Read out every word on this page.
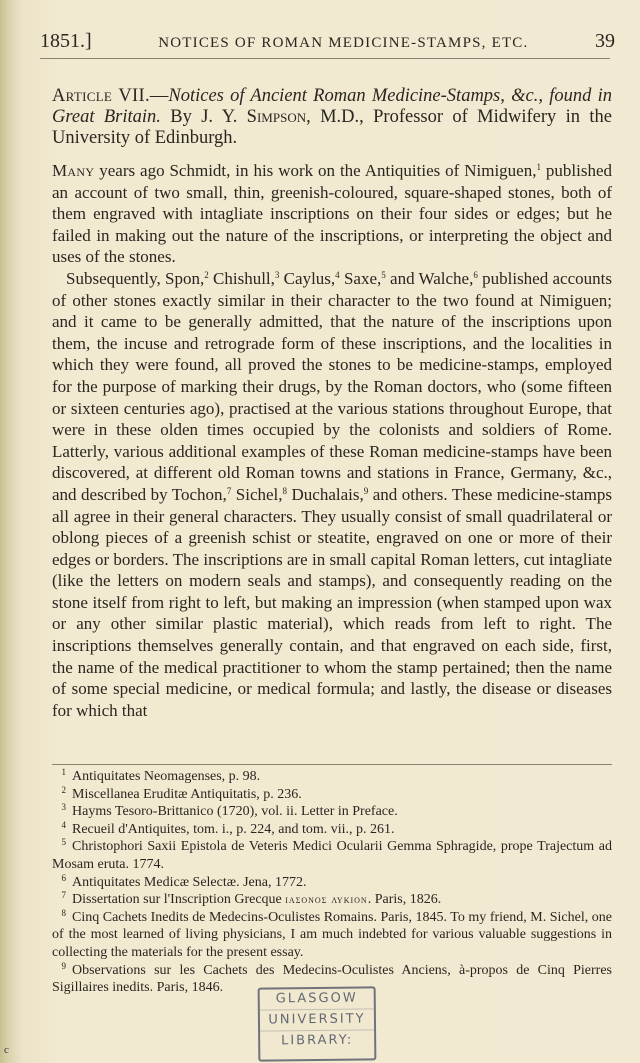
1851.]	NOTICES OF ROMAN MEDICINE-STAMPS, ETC.	39
Article VII.—Notices of Ancient Roman Medicine-Stamps, &c., found in Great Britain. By J. Y. Simpson, M.D., Professor of Midwifery in the University of Edinburgh.

Many years ago Schmidt, in his work on the Antiquities of Nimiguen,$^1$ published an account of two small, thin, greenish-coloured, square-shaped stones, both of them engraved with intagliate inscriptions on their four sides or edges; but he failed in making out the nature of the inscriptions, or interpreting the object and uses of the stones.

Subsequently, Spon,$^2$ Chishull,$^3$ Caylus,$^4$ Saxe,$^5$ and Walche,$^6$ published accounts of other stones exactly similar in their character to the two found at Nimiguen; and it came to be generally admitted, that the nature of the inscriptions upon them, the incuse and retrograde form of these inscriptions, and the localities in which they were found, all proved the stones to be medicine-stamps, employed for the purpose of marking their drugs, by the Roman doctors, who (some fifteen or sixteen centuries ago), practised at the various stations throughout Europe, that were in these olden times occupied by the colonists and soldiers of Rome. Latterly, various additional examples of these Roman medicine-stamps have been discovered, at different old Roman towns and stations in France, Germany, &c., and described by Tochon,$^7$ Sichel,$^8$ Duchalais,$^9$ and others. These medicine-stamps all agree in their general characters. They usually consist of small quadrilateral or oblong pieces of a greenish schist or steatite, engraved on one or more of their edges or borders. The inscriptions are in small capital Roman letters, cut intagliate (like the letters on modern seals and stamps), and consequently reading on the stone itself from right to left, but making an impression (when stamped upon wax or any other similar plastic material), which reads from left to right. The inscriptions themselves generally contain, and that engraved on each side, first, the name of the medical practitioner to whom the stamp pertained; then the name of some special medicine, or medical formula; and lastly, the disease or diseases for which that

$^1$ Antiquitates Neomagenses, p. 98.
$^2$ Miscellanea Eruditæ Antiquitatis, p. 236.
$^3$ Hayms Tesoro-Brittanico (1720), vol. ii. Letter in Preface.
$^4$ Recueil d'Antiquites, tom. i., p. 224, and tom. vii., p. 261.
$^5$ Christophori Saxii Epistola de Veteris Medici Ocularii Gemma Sphragide, prope Trajectum ad Mosam eruta. 1774.
$^6$ Antiquitates Medicæ Selectæ. Jena, 1772.
$^7$ Dissertation sur l'Inscription Grecque ιασονος λυκιον. Paris, 1826.
$^8$ Cinq Cachets Inedits de Medecins-Oculistes Romains. Paris, 1845. To my friend, M. Sichel, one of the most learned of living physicians, I am much indebted for various valuable suggestions in collecting the materials for the present essay.
$^9$ Observations sur les Cachets des Medecins-Oculistes Anciens, à-propos de Cinq Pierres Sigillaires inedits. Paris, 1846.
GLASGOW
UNIVERSITY
LIBRARY:
c
